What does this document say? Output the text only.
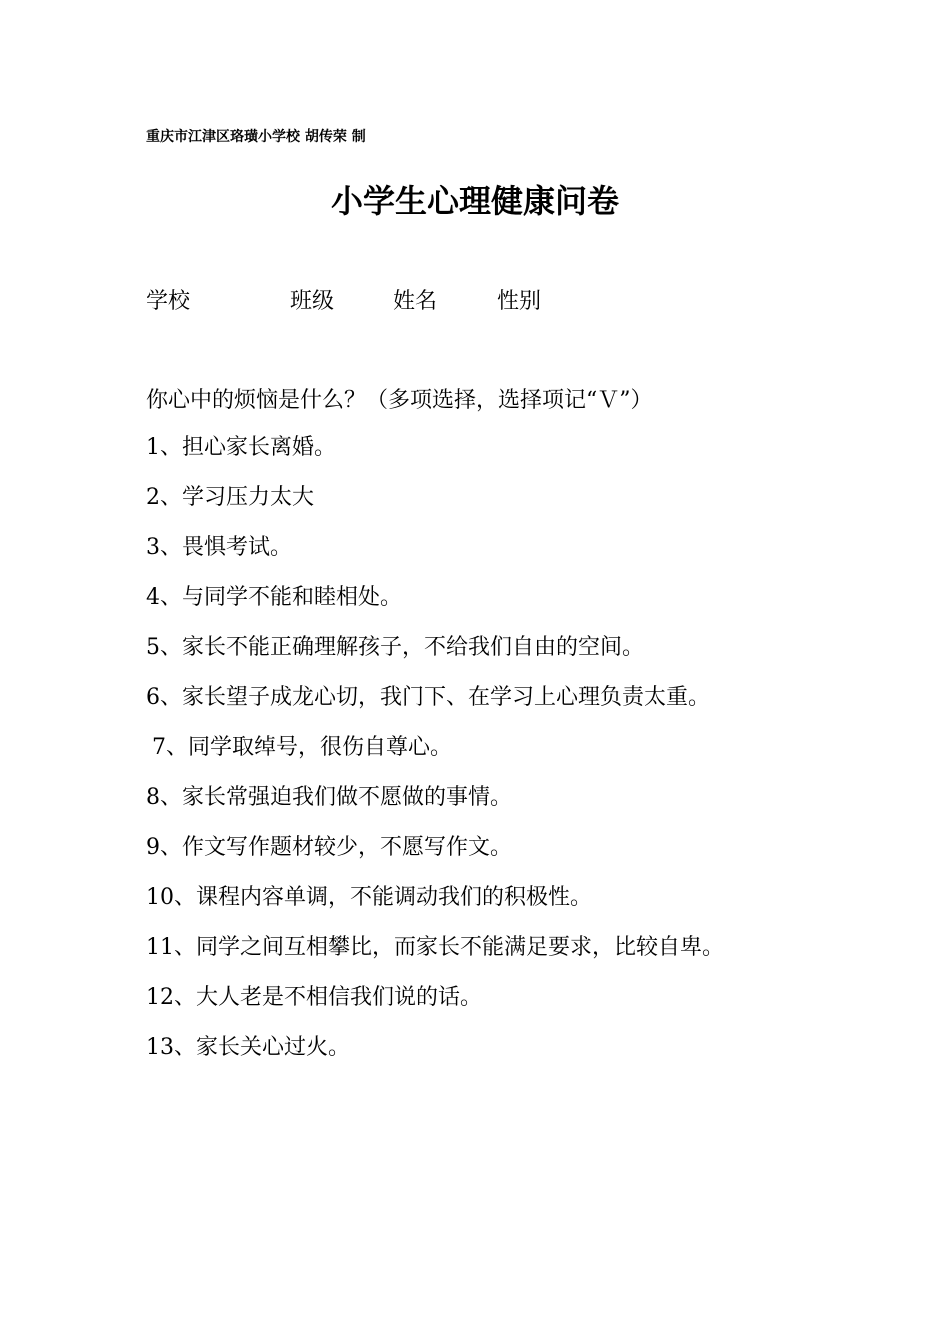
重庆市江津区珞璜小学校 胡传荣 制
小学生心理健康问卷
学校	班级	姓名	性别
你心中的烦恼是什么？（多项选择，选择项记“Ｖ”）
1、担心家长离婚。
2、学习压力太大
3、畏惧考试。
4、与同学不能和睦相处。
5、家长不能正确理解孩子，不给我们自由的空间。
6、家长望子成龙心切，我门下、在学习上心理负责太重。
7、同学取绰号，很伤自尊心。
8、家长常强迫我们做不愿做的事情。
9、作文写作题材较少，不愿写作文。
10、课程内容单调，不能调动我们的积极性。
11、同学之间互相攀比，而家长不能满足要求，比较自卑。
12、大人老是不相信我们说的话。
13、家长关心过火。
